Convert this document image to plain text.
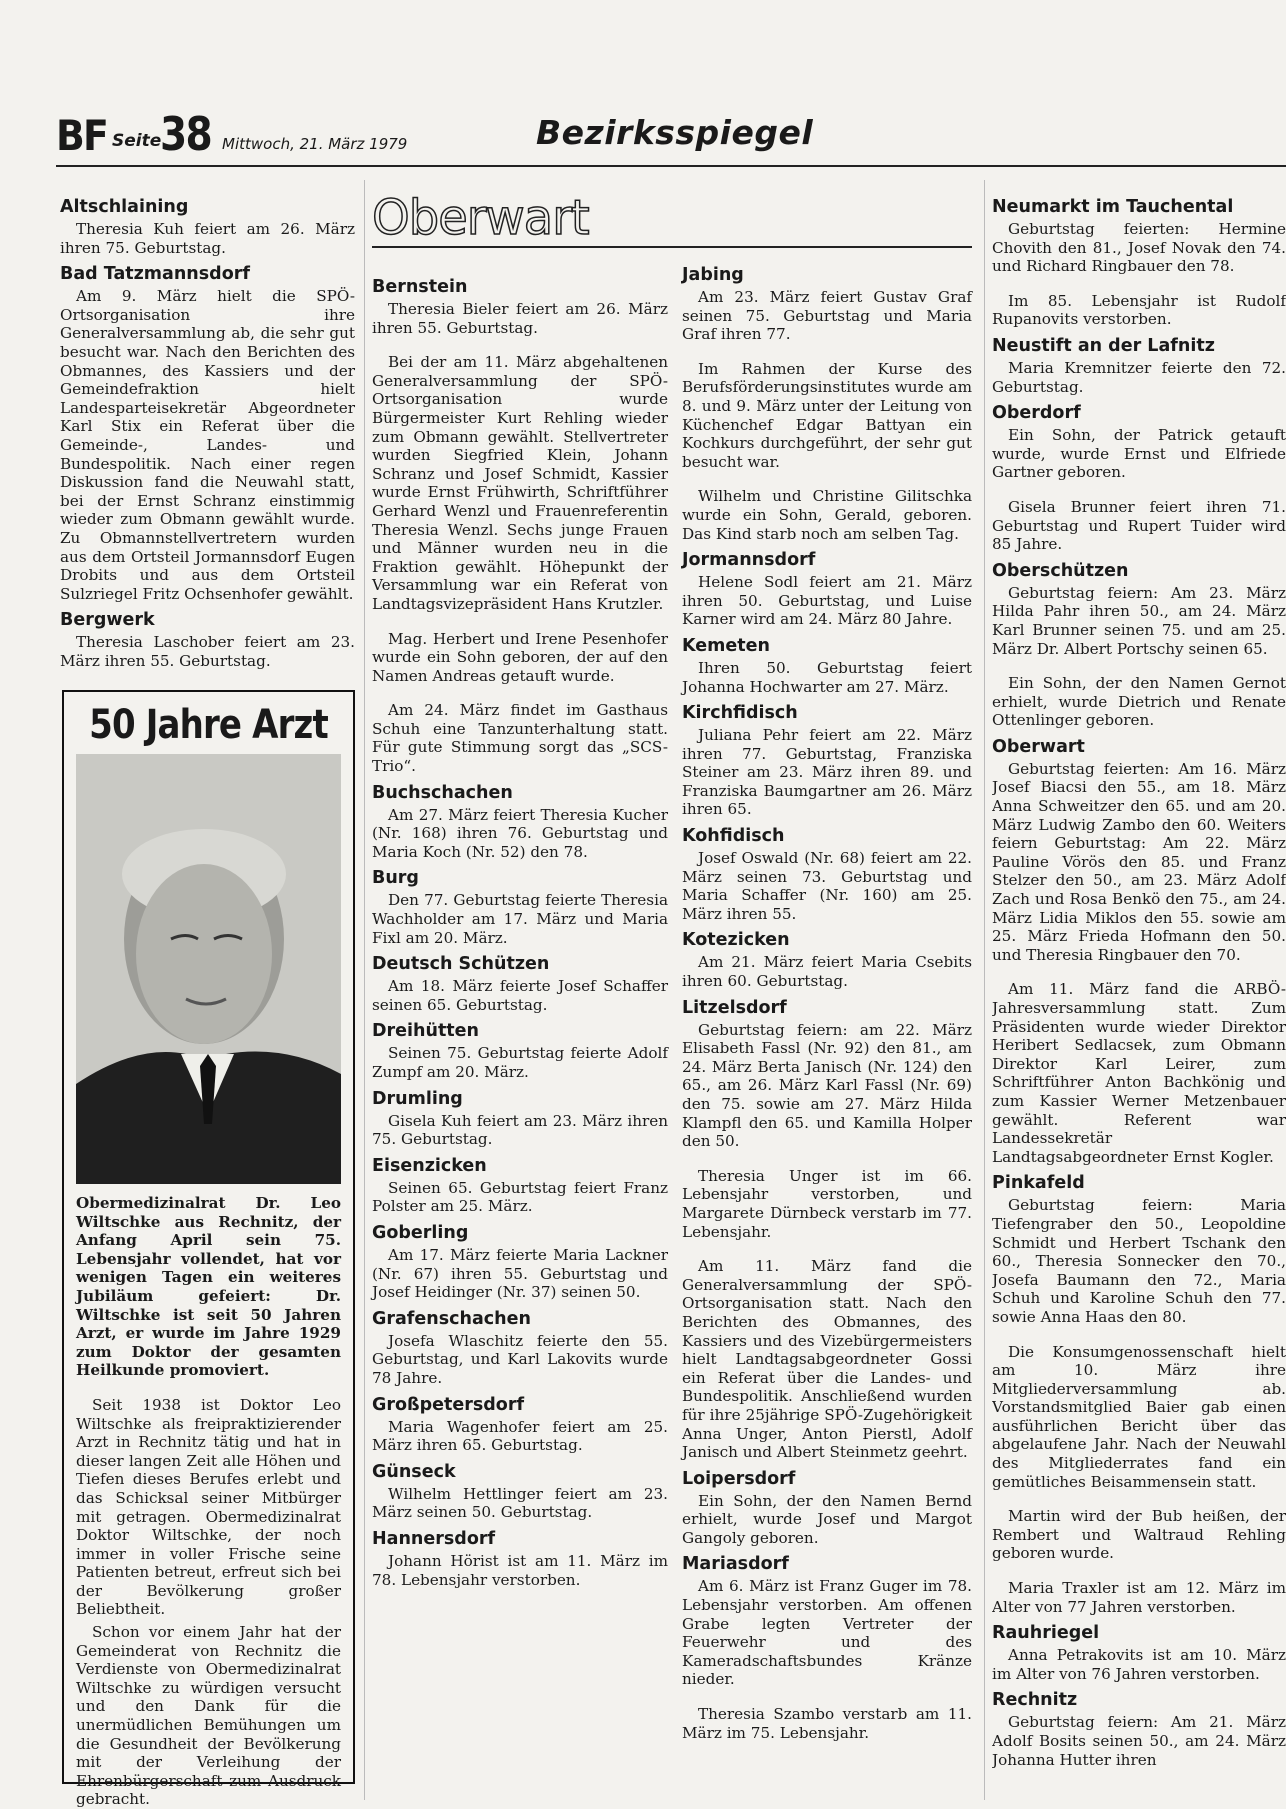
BF Seite
38 Mittwoch, 21. März 1979	Bezirksspiegel
Oberwart
Altschlaining

Theresia Kuh feiert am 26. März ihren 75. Geburtstag.

Bad Tatzmannsdorf

Am 9. März hielt die SPÖ-Ortsorganisation ihre Generalversammlung ab, die sehr gut besucht war. Nach den Berichten des Obmannes, des Kassiers und der Gemeindefraktion hielt Landesparteisekretär Abgeordneter Karl Stix ein Referat über die Gemeinde-, Landes- und Bundespolitik. Nach einer regen Diskussion fand die Neuwahl statt, bei der Ernst Schranz einstimmig wieder zum Obmann gewählt wurde. Zu Obmannstellvertretern wurden aus dem Ortsteil Jormannsdorf Eugen Drobits und aus dem Ortsteil Sulzriegel Fritz Ochsenhofer gewählt.

Bergwerk

Theresia Laschober feiert am 23. März ihren 55. Geburtstag.

50 Jahre Arzt
Obermedizinalrat Dr. Leo Wiltschke aus Rechnitz, der Anfang April sein 75. Lebensjahr vollendet, hat vor wenigen Tagen ein weiteres Jubiläum gefeiert: Dr. Wiltschke ist seit 50 Jahren Arzt, er wurde im Jahre 1929 zum Doktor der gesamten Heilkunde promoviert.

Seit 1938 ist Doktor Leo Wiltschke als freipraktizierender Arzt in Rechnitz tätig und hat in dieser langen Zeit alle Höhen und Tiefen dieses Berufes erlebt und das Schicksal seiner Mitbürger mit getragen. Obermedizinalrat Doktor Wiltschke, der noch immer in voller Frische seine Patienten betreut, erfreut sich bei der Bevölkerung großer Beliebtheit.

Schon vor einem Jahr hat der Gemeinderat von Rechnitz die Verdienste von Obermedizinalrat Wiltschke zu würdigen versucht und den Dank für die unermüdlichen Bemühungen um die Gesundheit der Bevölkerung mit der Verleihung der Ehrenbürgerschaft zum Ausdruck gebracht.

Bernstein

Theresia Bieler feiert am 26. März ihren 55. Geburtstag.

Bei der am 11. März abgehaltenen Generalversammlung der SPÖ-Ortsorganisation wurde Bürgermeister Kurt Rehling wieder zum Obmann gewählt. Stellvertreter wurden Siegfried Klein, Johann Schranz und Josef Schmidt, Kassier wurde Ernst Frühwirth, Schriftführer Gerhard Wenzl und Frauenreferentin Theresia Wenzl. Sechs junge Frauen und Männer wurden neu in die Fraktion gewählt. Höhepunkt der Versammlung war ein Referat von Landtagsvizepräsident Hans Krutzler.

Mag. Herbert und Irene Pesenhofer wurde ein Sohn geboren, der auf den Namen Andreas getauft wurde.

Am 24. März findet im Gasthaus Schuh eine Tanzunterhaltung statt. Für gute Stimmung sorgt das „SCS-Trio“.

Buchschachen

Am 27. März feiert Theresia Kucher (Nr. 168) ihren 76. Geburtstag und Maria Koch (Nr. 52) den 78.

Burg

Den 77. Geburtstag feierte Theresia Wachholder am 17. März und Maria Fixl am 20. März.

Deutsch Schützen

Am 18. März feierte Josef Schaffer seinen 65. Geburtstag.

Dreihütten

Seinen 75. Geburtstag feierte Adolf Zumpf am 20. März.

Drumling

Gisela Kuh feiert am 23. März ihren 75. Geburtstag.

Eisenzicken

Seinen 65. Geburtstag feiert Franz Polster am 25. März.

Goberling

Am 17. März feierte Maria Lackner (Nr. 67) ihren 55. Geburtstag und Josef Heidinger (Nr. 37) seinen 50.

Grafenschachen

Josefa Wlaschitz feierte den 55. Geburtstag, und Karl Lakovits wurde 78 Jahre.

Großpetersdorf

Maria Wagenhofer feiert am 25. März ihren 65. Geburtstag.

Günseck

Wilhelm Hettlinger feiert am 23. März seinen 50. Geburtstag.

Hannersdorf

Johann Hörist ist am 11. März im 78. Lebensjahr verstorben.

Jabing

Am 23. März feiert Gustav Graf seinen 75. Geburtstag und Maria Graf ihren 77.

Im Rahmen der Kurse des Berufsförderungsinstitutes wurde am 8. und 9. März unter der Leitung von Küchenchef Edgar Battyan ein Kochkurs durchgeführt, der sehr gut besucht war.

Wilhelm und Christine Gilitschka wurde ein Sohn, Gerald, geboren. Das Kind starb noch am selben Tag.

Jormannsdorf

Helene Sodl feiert am 21. März ihren 50. Geburtstag, und Luise Karner wird am 24. März 80 Jahre.

Kemeten

Ihren 50. Geburtstag feiert Johanna Hochwarter am 27. März.

Kirchfidisch

Juliana Pehr feiert am 22. März ihren 77. Geburtstag, Franziska Steiner am 23. März ihren 89. und Franziska Baumgartner am 26. März ihren 65.

Kohfidisch

Josef Oswald (Nr. 68) feiert am 22. März seinen 73. Geburtstag und Maria Schaffer (Nr. 160) am 25. März ihren 55.

Kotezicken

Am 21. März feiert Maria Csebits ihren 60. Geburtstag.

Litzelsdorf

Geburtstag feiern: am 22. März Elisabeth Fassl (Nr. 92) den 81., am 24. März Berta Janisch (Nr. 124) den 65., am 26. März Karl Fassl (Nr. 69) den 75. sowie am 27. März Hilda Klampfl den 65. und Kamilla Holper den 50.

Theresia Unger ist im 66. Lebensjahr verstorben, und Margarete Dürnbeck verstarb im 77. Lebensjahr.

Am 11. März fand die Generalversammlung der SPÖ-Ortsorganisation statt. Nach den Berichten des Obmannes, des Kassiers und des Vizebürgermeisters hielt Landtagsabgeordneter Gossi ein Referat über die Landes- und Bundespolitik. Anschließend wurden für ihre 25jährige SPÖ-Zugehörigkeit Anna Unger, Anton Pierstl, Adolf Janisch und Albert Steinmetz geehrt.

Loipersdorf

Ein Sohn, der den Namen Bernd erhielt, wurde Josef und Margot Gangoly geboren.

Mariasdorf

Am 6. März ist Franz Guger im 78. Lebensjahr verstorben. Am offenen Grabe legten Vertreter der Feuerwehr und des Kameradschaftsbundes Kränze nieder.

Theresia Szambo verstarb am 11. März im 75. Lebensjahr.

Neumarkt im Tauchental

Geburtstag feierten: Hermine Chovith den 81., Josef Novak den 74. und Richard Ringbauer den 78.

Im 85. Lebensjahr ist Rudolf Rupanovits verstorben.

Neustift an der Lafnitz

Maria Kremnitzer feierte den 72. Geburtstag.

Oberdorf

Ein Sohn, der Patrick getauft wurde, wurde Ernst und Elfriede Gartner geboren.

Gisela Brunner feiert ihren 71. Geburtstag und Rupert Tuider wird 85 Jahre.

Oberschützen

Geburtstag feiern: Am 23. März Hilda Pahr ihren 50., am 24. März Karl Brunner seinen 75. und am 25. März Dr. Albert Portschy seinen 65.

Ein Sohn, der den Namen Gernot erhielt, wurde Dietrich und Renate Ottenlinger geboren.

Oberwart

Geburtstag feierten: Am 16. März Josef Biacsi den 55., am 18. März Anna Schweitzer den 65. und am 20. März Ludwig Zambo den 60. Weiters feiern Geburtstag: Am 22. März Pauline Vörös den 85. und Franz Stelzer den 50., am 23. März Adolf Zach und Rosa Benkö den 75., am 24. März Lidia Miklos den 55. sowie am 25. März Frieda Hofmann den 50. und Theresia Ringbauer den 70.

Am 11. März fand die ARBÖ-Jahresversammlung statt. Zum Präsidenten wurde wieder Direktor Heribert Sedlacsek, zum Obmann Direktor Karl Leirer, zum Schriftführer Anton Bachkönig und zum Kassier Werner Metzenbauer gewählt. Referent war Landessekretär Landtagsabgeordneter Ernst Kogler.

Pinkafeld

Geburtstag feiern: Maria Tiefengraber den 50., Leopoldine Schmidt und Herbert Tschank den 60., Theresia Sonnecker den 70., Josefa Baumann den 72., Maria Schuh und Karoline Schuh den 77. sowie Anna Haas den 80.

Die Konsumgenossenschaft hielt am 10. März ihre Mitgliederversammlung ab. Vorstandsmitglied Baier gab einen ausführlichen Bericht über das abgelaufene Jahr. Nach der Neuwahl des Mitgliederrates fand ein gemütliches Beisammensein statt.

Martin wird der Bub heißen, der Rembert und Waltraud Rehling geboren wurde.

Maria Traxler ist am 12. März im Alter von 77 Jahren verstorben.

Rauhriegel

Anna Petrakovits ist am 10. März im Alter von 76 Jahren verstorben.

Rechnitz

Geburtstag feiern: Am 21. März Adolf Bosits seinen 50., am 24. März Johanna Hutter ihren
